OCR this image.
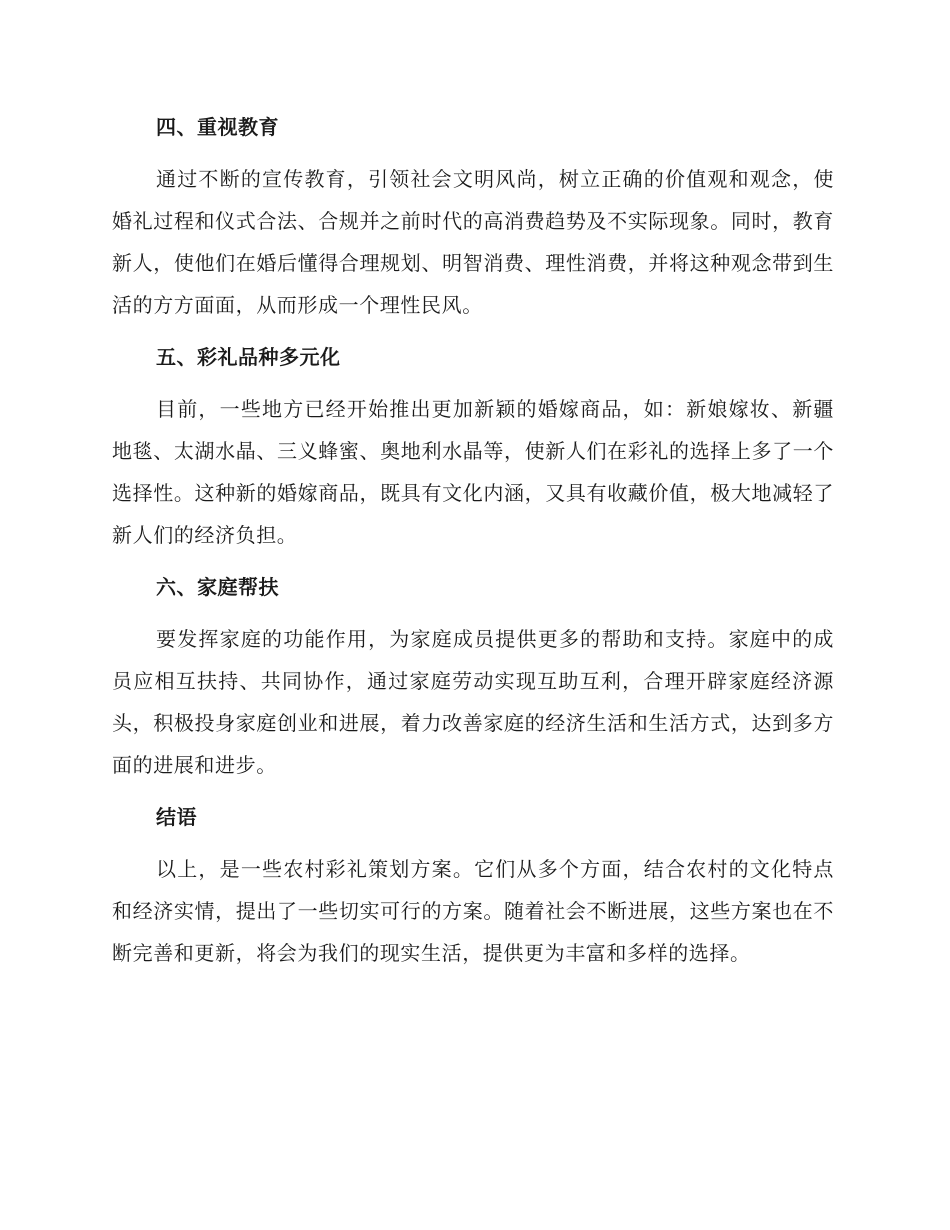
四、重视教育

通过不断的宣传教育，引领社会文明风尚，树立正确的价值观和观念，使婚礼过程和仪式合法、合规并之前时代的高消费趋势及不实际现象。同时，教育新人，使他们在婚后懂得合理规划、明智消费、理性消费，并将这种观念带到生活的方方面面，从而形成一个理性民风。

五、彩礼品种多元化

目前，一些地方已经开始推出更加新颖的婚嫁商品，如：新娘嫁妆、新疆地毯、太湖水晶、三义蜂蜜、奥地利水晶等，使新人们在彩礼的选择上多了一个选择性。这种新的婚嫁商品，既具有文化内涵，又具有收藏价值，极大地减轻了新人们的经济负担。

六、家庭帮扶

要发挥家庭的功能作用，为家庭成员提供更多的帮助和支持。家庭中的成员应相互扶持、共同协作，通过家庭劳动实现互助互利，合理开辟家庭经济源头，积极投身家庭创业和进展，着力改善家庭的经济生活和生活方式，达到多方面的进展和进步。

结语

以上，是一些农村彩礼策划方案。它们从多个方面，结合农村的文化特点和经济实情，提出了一些切实可行的方案。随着社会不断进展，这些方案也在不断完善和更新，将会为我们的现实生活，提供更为丰富和多样的选择。
